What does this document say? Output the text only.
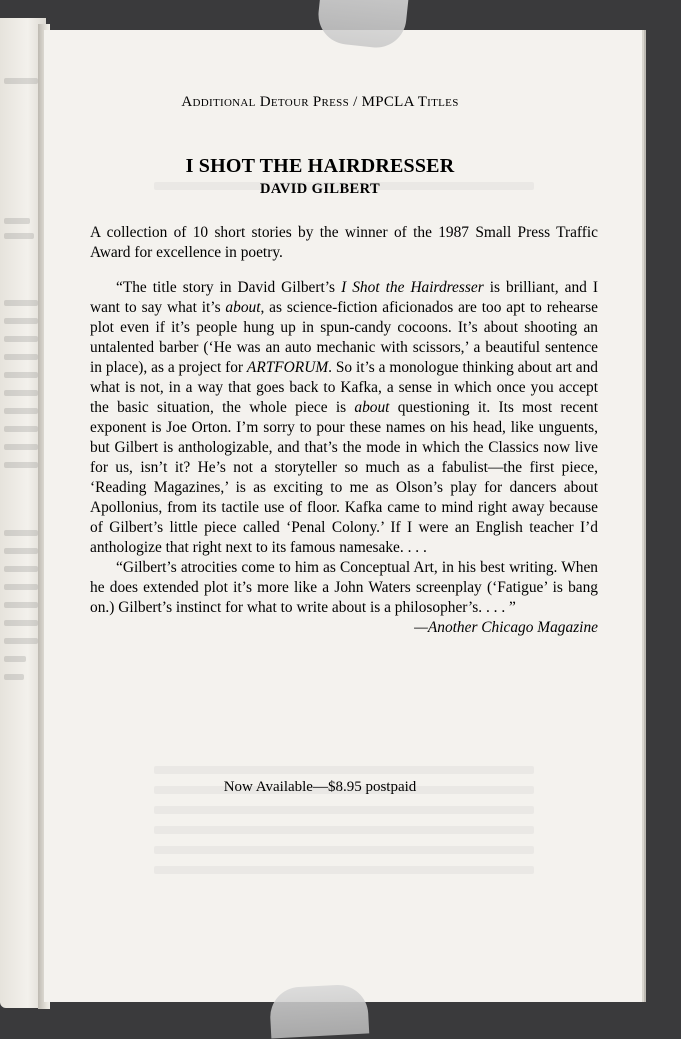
Additional Detour Press / MPCLA Titles
I SHOT THE HAIRDRESSER
DAVID GILBERT

A collection of 10 short stories by the winner of the 1987 Small Press Traffic Award for excellence in poetry.

“The title story in David Gilbert’s I Shot the Hairdresser is brilliant, and I want to say what it’s about, as science-fiction aficionados are too apt to rehearse plot even if it’s people hung up in spun-candy cocoons. It’s about shooting an untalented barber (‘He was an auto mechanic with scissors,’ a beautiful sentence in place), as a project for ARTFORUM. So it’s a monologue thinking about art and what is not, in a way that goes back to Kafka, a sense in which once you accept the basic situation, the whole piece is about questioning it. Its most recent exponent is Joe Orton. I’m sorry to pour these names on his head, like unguents, but Gilbert is anthologizable, and that’s the mode in which the Classics now live for us, isn’t it? He’s not a storyteller so much as a fabulist—the first piece, ‘Reading Magazines,’ is as exciting to me as Olson’s play for dancers about Apollonius, from its tactile use of floor. Kafka came to mind right away because of Gilbert’s little piece called ‘Penal Colony.’ If I were an English teacher I’d anthologize that right next to its famous namesake. . . .

“Gilbert’s atrocities come to him as Conceptual Art, in his best writing. When he does extended plot it’s more like a John Waters screenplay (‘Fatigue’ is bang on.) Gilbert’s instinct for what to write about is a philosopher’s. . . . ”

—Another Chicago Magazine

Now Available—$8.95 postpaid
